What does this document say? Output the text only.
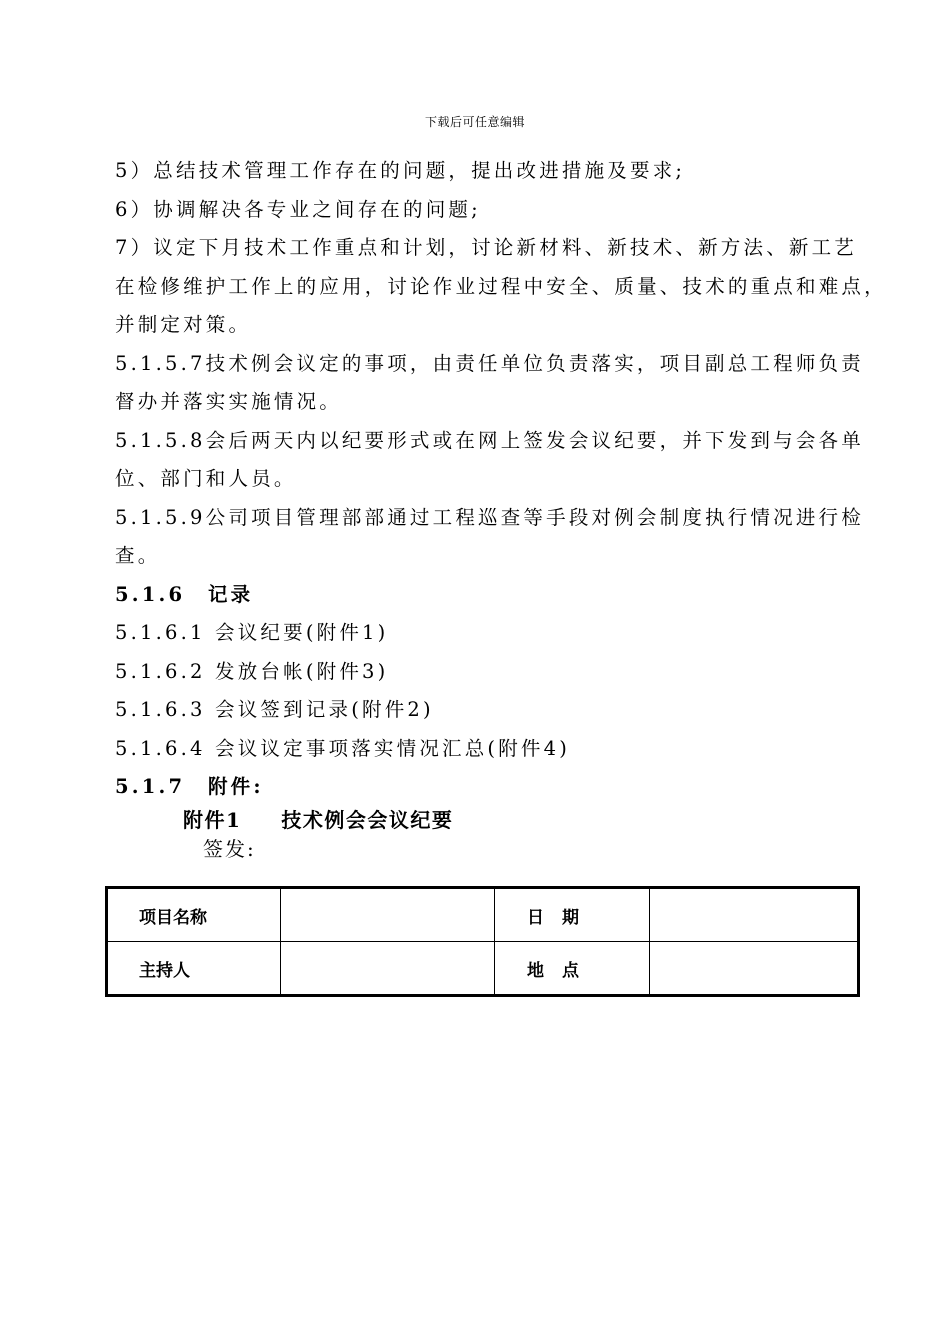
下载后可任意编辑
5）总结技术管理工作存在的问题，提出改进措施及要求;
6）协调解决各专业之间存在的问题;
7）议定下月技术工作重点和计划，讨论新材料、新技术、新方法、新工艺
在检修维护工作上的应用，讨论作业过程中安全、质量、技术的重点和难点，
并制定对策。
5.1.5.7技术例会议定的事项，由责任单位负责落实，项目副总工程师负责
督办并落实实施情况。
5.1.5.8会后两天内以纪要形式或在网上签发会议纪要，并下发到与会各单
位、部门和人员。
5.1.5.9公司项目管理部部通过工程巡查等手段对例会制度执行情况进行检
查。
5.1.6　记录
5.1.6.1 会议纪要(附件1)
5.1.6.2 发放台帐(附件3)
5.1.6.3 会议签到记录(附件2)
5.1.6.4 会议议定事项落实情况汇总(附件4)
5.1.7　附件:
附件1 技术例会会议纪要
签发:
项目名称		日期	
主持人		地点	
